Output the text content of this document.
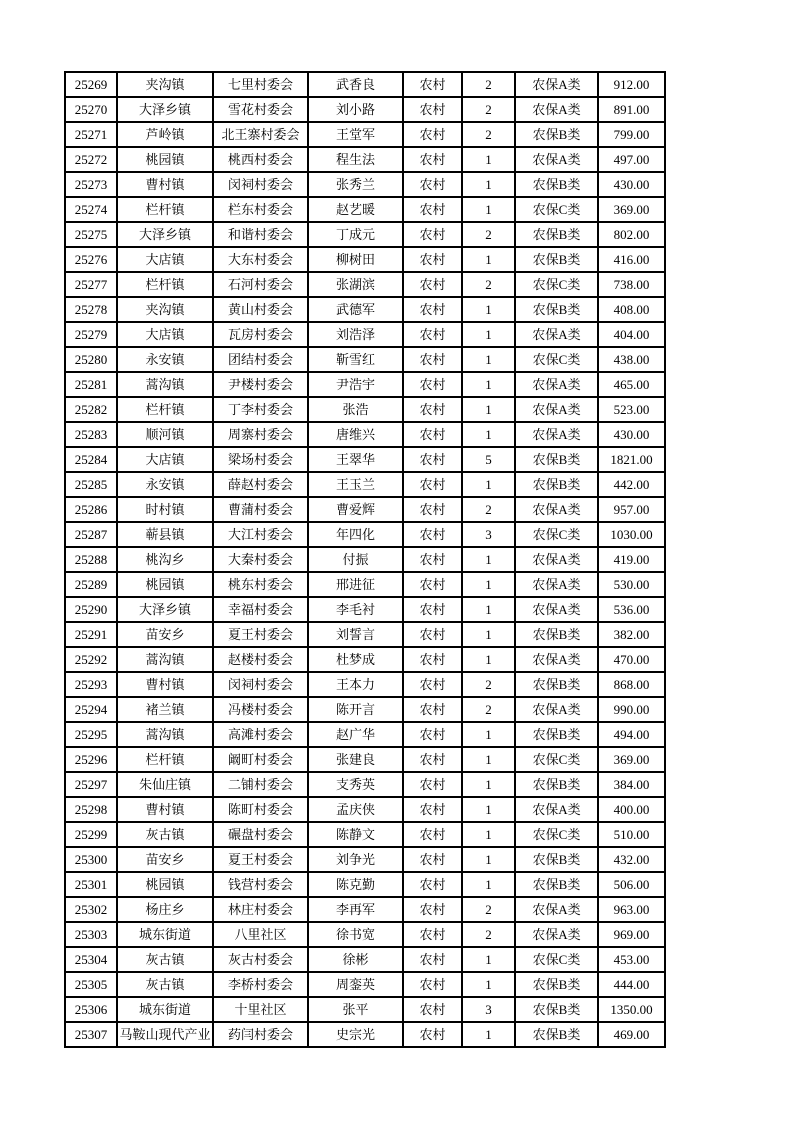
25269	夹沟镇	七里村委会	武香良	农村	2	农保A类	912.00
25270	大泽乡镇	雪花村委会	刘小路	农村	2	农保A类	891.00
25271	芦岭镇	北王寨村委会	王堂军	农村	2	农保B类	799.00
25272	桃园镇	桃西村委会	程生法	农村	1	农保A类	497.00
25273	曹村镇	闵祠村委会	张秀兰	农村	1	农保B类	430.00
25274	栏杆镇	栏东村委会	赵艺暖	农村	1	农保C类	369.00
25275	大泽乡镇	和谐村委会	丁成元	农村	2	农保B类	802.00
25276	大店镇	大东村委会	柳树田	农村	1	农保B类	416.00
25277	栏杆镇	石河村委会	张湖滨	农村	2	农保C类	738.00
25278	夹沟镇	黄山村委会	武德军	农村	1	农保B类	408.00
25279	大店镇	瓦房村委会	刘浩泽	农村	1	农保A类	404.00
25280	永安镇	团结村委会	靳雪红	农村	1	农保C类	438.00
25281	蒿沟镇	尹楼村委会	尹浩宇	农村	1	农保A类	465.00
25282	栏杆镇	丁李村委会	张浩	农村	1	农保A类	523.00
25283	顺河镇	周寨村委会	唐维兴	农村	1	农保A类	430.00
25284	大店镇	梁场村委会	王翠华	农村	5	农保B类	1821.00
25285	永安镇	薛赵村委会	王玉兰	农村	1	农保B类	442.00
25286	时村镇	曹蒲村委会	曹爱辉	农村	2	农保A类	957.00
25287	蕲县镇	大江村委会	年四化	农村	3	农保C类	1030.00
25288	桃沟乡	大秦村委会	付振	农村	1	农保A类	419.00
25289	桃园镇	桃东村委会	邢进征	农村	1	农保A类	530.00
25290	大泽乡镇	幸福村委会	李毛衬	农村	1	农保A类	536.00
25291	苗安乡	夏王村委会	刘誓言	农村	1	农保B类	382.00
25292	蒿沟镇	赵楼村委会	杜梦成	农村	1	农保A类	470.00
25293	曹村镇	闵祠村委会	王本力	农村	2	农保B类	868.00
25294	褚兰镇	冯楼村委会	陈开言	农村	2	农保A类	990.00
25295	蒿沟镇	高滩村委会	赵广华	农村	1	农保B类	494.00
25296	栏杆镇	阚町村委会	张建良	农村	1	农保C类	369.00
25297	朱仙庄镇	二铺村委会	支秀英	农村	1	农保B类	384.00
25298	曹村镇	陈町村委会	孟庆侠	农村	1	农保A类	400.00
25299	灰古镇	碾盘村委会	陈静文	农村	1	农保C类	510.00
25300	苗安乡	夏王村委会	刘争光	农村	1	农保B类	432.00
25301	桃园镇	钱营村委会	陈克勤	农村	1	农保B类	506.00
25302	杨庄乡	林庄村委会	李再军	农村	2	农保A类	963.00
25303	城东街道	八里社区	徐书宽	农村	2	农保A类	969.00
25304	灰古镇	灰古村委会	徐彬	农村	1	农保C类	453.00
25305	灰古镇	李桥村委会	周銮英	农村	1	农保B类	444.00
25306	城东街道	十里社区	张平	农村	3	农保B类	1350.00
25307	马鞍山现代产业	药闫村委会	史宗光	农村	1	农保B类	469.00
